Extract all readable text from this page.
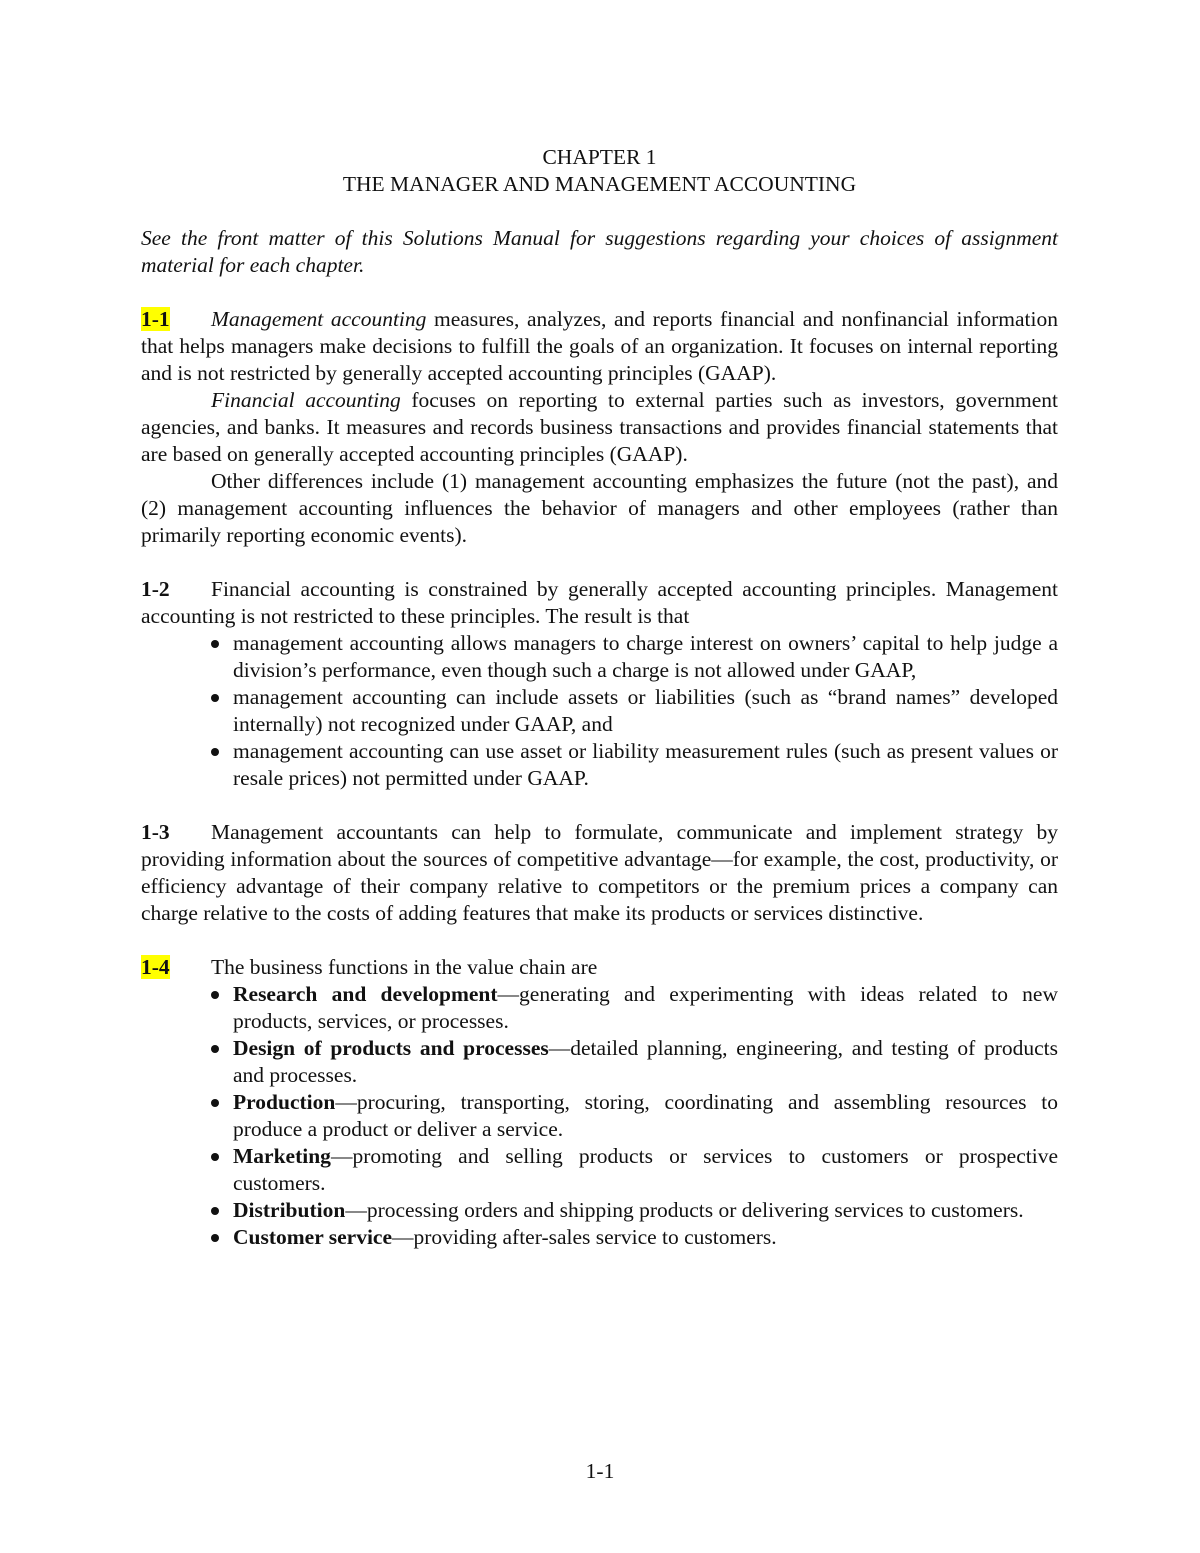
CHAPTER 1
THE MANAGER AND MANAGEMENT ACCOUNTING
See the front matter of this Solutions Manual for suggestions regarding your choices of assignment material for each chapter.
1-1 Management accounting measures, analyzes, and reports financial and nonfinancial information that helps managers make decisions to fulfill the goals of an organization. It focuses on internal reporting and is not restricted by generally accepted accounting principles (GAAP).

Financial accounting focuses on reporting to external parties such as investors, government agencies, and banks. It measures and records business transactions and provides financial statements that are based on generally accepted accounting principles (GAAP).

Other differences include (1) management accounting emphasizes the future (not the past), and (2) management accounting influences the behavior of managers and other employees (rather than primarily reporting economic events).

1-2 Financial accounting is constrained by generally accepted accounting principles. Management accounting is not restricted to these principles. The result is that
management accounting allows managers to charge interest on owners’ capital to help judge a division’s performance, even though such a charge is not allowed under GAAP,
management accounting can include assets or liabilities (such as “brand names” developed internally) not recognized under GAAP, and
management accounting can use asset or liability measurement rules (such as present values or resale prices) not permitted under GAAP.
1-3 Management accountants can help to formulate, communicate and implement strategy by providing information about the sources of competitive advantage—for example, the cost, productivity, or efficiency advantage of their company relative to competitors or the premium prices a company can charge relative to the costs of adding features that make its products or services distinctive.
1-4 The business functions in the value chain are
Research and development—generating and experimenting with ideas related to new products, services, or processes.
Design of products and processes—detailed planning, engineering, and testing of products and processes.
Production—procuring, transporting, storing, coordinating and assembling resources to produce a product or deliver a service.
Marketing—promoting and selling products or services to customers or prospective customers.
Distribution—processing orders and shipping products or delivering services to customers.
Customer service—providing after-sales service to customers.
1-1
